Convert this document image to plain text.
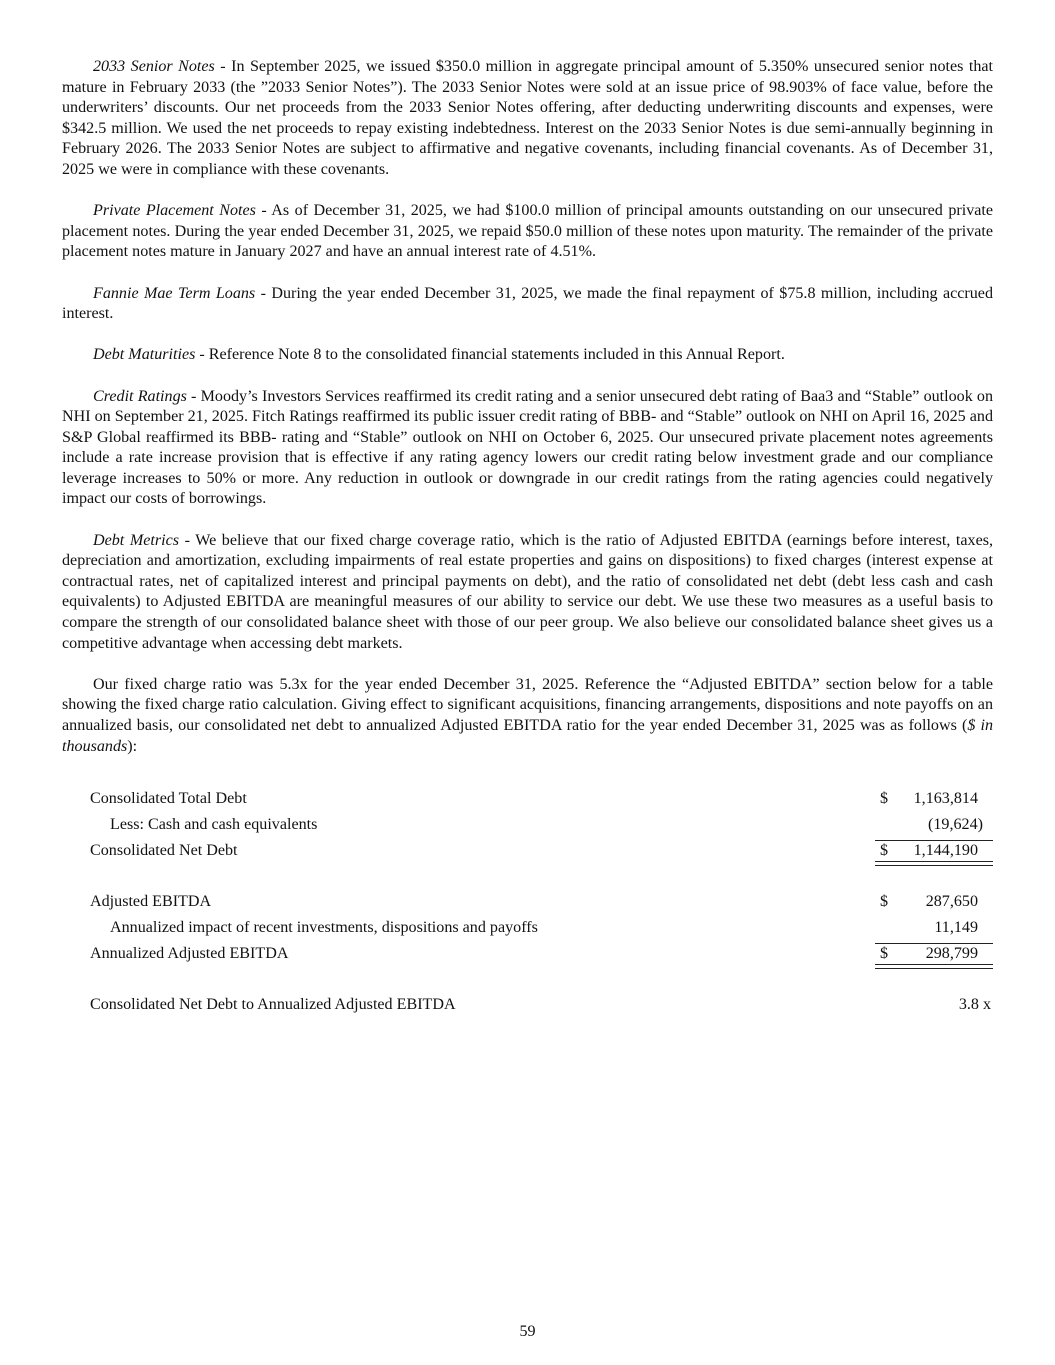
2033 Senior Notes - In September 2025, we issued $350.0 million in aggregate principal amount of 5.350% unsecured senior notes that mature in February 2033 (the ”2033 Senior Notes”). The 2033 Senior Notes were sold at an issue price of 98.903% of face value, before the underwriters’ discounts. Our net proceeds from the 2033 Senior Notes offering, after deducting underwriting discounts and expenses, were $342.5 million. We used the net proceeds to repay existing indebtedness. Interest on the 2033 Senior Notes is due semi-annually beginning in February 2026. The 2033 Senior Notes are subject to affirmative and negative covenants, including financial covenants. As of December 31, 2025 we were in compliance with these covenants.

Private Placement Notes - As of December 31, 2025, we had $100.0 million of principal amounts outstanding on our unsecured private placement notes. During the year ended December 31, 2025, we repaid $50.0 million of these notes upon maturity. The remainder of the private placement notes mature in January 2027 and have an annual interest rate of 4.51%.

Fannie Mae Term Loans - During the year ended December 31, 2025, we made the final repayment of $75.8 million, including accrued interest.

Debt Maturities - Reference Note 8 to the consolidated financial statements included in this Annual Report.

Credit Ratings - Moody’s Investors Services reaffirmed its credit rating and a senior unsecured debt rating of Baa3 and “Stable” outlook on NHI on September 21, 2025. Fitch Ratings reaffirmed its public issuer credit rating of BBB- and “Stable” outlook on NHI on April 16, 2025 and S&P Global reaffirmed its BBB- rating and “Stable” outlook on NHI on October 6, 2025. Our unsecured private placement notes agreements include a rate increase provision that is effective if any rating agency lowers our credit rating below investment grade and our compliance leverage increases to 50% or more. Any reduction in outlook or downgrade in our credit ratings from the rating agencies could negatively impact our costs of borrowings.

Debt Metrics - We believe that our fixed charge coverage ratio, which is the ratio of Adjusted EBITDA (earnings before interest, taxes, depreciation and amortization, excluding impairments of real estate properties and gains on dispositions) to fixed charges (interest expense at contractual rates, net of capitalized interest and principal payments on debt), and the ratio of consolidated net debt (debt less cash and cash equivalents) to Adjusted EBITDA are meaningful measures of our ability to service our debt. We use these two measures as a useful basis to compare the strength of our consolidated balance sheet with those of our peer group. We also believe our consolidated balance sheet gives us a competitive advantage when accessing debt markets.

Our fixed charge ratio was 5.3x for the year ended December 31, 2025. Reference the “Adjusted EBITDA” section below for a table showing the fixed charge ratio calculation. Giving effect to significant acquisitions, financing arrangements, dispositions and note payoffs on an annualized basis, our consolidated net debt to annualized Adjusted EBITDA ratio for the year ended December 31, 2025 was as follows ($ in thousands):

Consolidated Total Debt	$ 1,163,814
Less: Cash and cash equivalents	(19,624)
Consolidated Net Debt	$ 1,144,190
Adjusted EBITDA	$ 287,650
Annualized impact of recent investments, dispositions and payoffs	11,149
Annualized Adjusted EBITDA	$ 298,799
Consolidated Net Debt to Annualized Adjusted EBITDA	3.8 x
59
